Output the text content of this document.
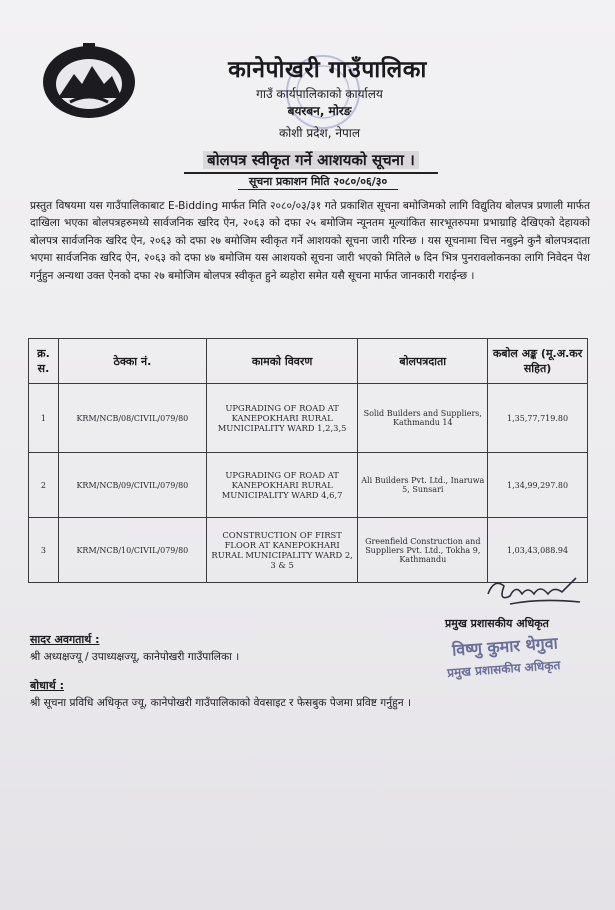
कानेपोखरी गाउँपालिका
गाउँ कार्यपालिकाको कार्यालय
बयरबन, मोरङ
कोशी प्रदेश, नेपाल
बोलपत्र स्वीकृत गर्ने आशयको सूचना ।
सूचना प्रकाशन मिति २०८०/०६/३०
प्रस्तुत विषयमा यस गाउँपालिकाबाट E-Bidding मार्फत मिति २०८०/०३/३१ गते प्रकाशित सूचना बमोजिमको लागि विद्युतिय बोलपत्र प्रणाली मार्फत दाखिला भएका बोलपत्रहरुमध्ये सार्वजनिक खरिद ऐन, २०६३ को दफा २५ बमोजिम न्यूनतम मूल्यांकित सारभूतरुपमा प्रभाग्राहि देखिएको देहायको बोलपत्र सार्वजनिक खरिद ऐन, २०६३ को दफा २७ बमोजिम स्वीकृत गर्ने आशयको सूचना जारी गरिन्छ । यस सूचनामा चित्त नबुझ्ने कुनै बोलपत्रदाता भएमा सार्वजनिक खरिद ऐन, २०६३ को दफा ४७ बमोजिम यस आशयको सूचना जारी भएको मितिले ७ दिन भित्र पुनरावलोकनका लागि निवेदन पेश गर्नुहुन अन्यथा उक्त ऐनको दफा २७ बमोजिम बोलपत्र स्वीकृत हुने ब्यहोरा समेत यसै सूचना मार्फत जानकारी गराईन्छ ।
क्र. स.	ठेक्का नं.	कामको विवरण	बोलपत्रदाता	कबोल अङ्क (मू.अ.कर सहित)
1	KRM/NCB/08/CIVIL/079/80	UPGRADING OF ROAD AT KANEPOKHARI RURAL MUNICIPALITY WARD 1,2,3,5	Solid Builders and Suppliers, Kathmandu 14	1,35,77,719.80
2	KRM/NCB/09/CIVIL/079/80	UPGRADING OF ROAD AT KANEPOKHARI RURAL MUNICIPALITY WARD 4,6,7	Ali Builders Pvt. Ltd., Inaruwa 5, Sunsari	1,34,99,297.80
3	KRM/NCB/10/CIVIL/079/80	CONSTRUCTION OF FIRST FLOOR AT KANEPOKHARI RURAL MUNICIPALITY WARD 2, 3 & 5	Greenfield Construction and Suppliers Pvt. Ltd., Tokha 9, Kathmandu	1,03,43,088.94
प्रमुख प्रशासकीय अधिकृत
विष्णु कुमार थेगुवा
प्रमुख प्रशासकीय अधिकृत
सादर अवगतार्थ :
श्री अध्यक्षज्यू / उपाध्यक्षज्यू, कानेपोखरी गाउँपालिका ।
बोधार्थ :
श्री सूचना प्रविधि अधिकृत ज्यू, कानेपोखरी गाउँपालिकाको वेवसाइट र फेसबुक पेजमा प्रविष्ट गर्नुहुन ।
